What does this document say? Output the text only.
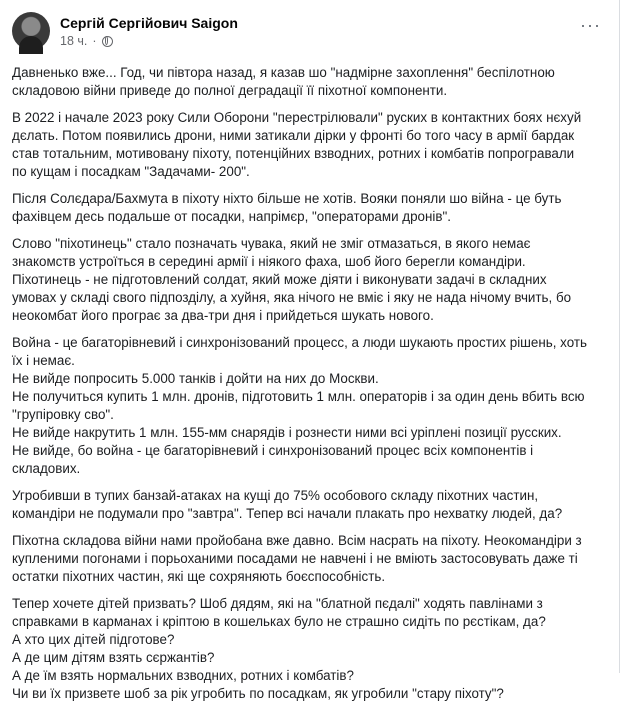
Сергій Сергійович Saigon
18 ч. ·
···
Давненько вже... Год, чи півтора назад, я казав шо "надмірне захоплення" беспілотною
складовою війни приведе до полної деградації її піхотної компоненти.
В 2022 і начале 2023 року Сили Оборони "перестрілювали" руских в контактних боях нєхуй
дєлать. Потом появились дрони, ними затикали дірки у фронті бо того часу в армії бардак
став тотальним, мотивовану піхоту, потенційних взводних, ротних і комбатів попрогравали
по кущам і посадкам "Задачами- 200".
Після Солєдара/Бахмута в піхоту ніхто більше не хотів. Вояки поняли шо війна - це буть
фахівцем десь подальше от посадки, напрімєр, "операторами дронів".
Слово "піхотинець" стало позначать чувака, який не зміг отмазаться, в якого немає
знакомств устроїться в середині армії і ніякого фаха, шоб його берегли командіри.
Піхотинець - не підготовлений солдат, який може діяти і виконувати задачі в складних
умовах у складі свого підпозділу, а хуйня, яка нічого не вміє і яку не нада нічому вчить, бо
неокомбат його програє за два-три дня і прийдеться шукать нового.
Война - це багаторівневий і синхронізований процесс, а люди шукають простих рішень, хоть
їх і немає.
Не вийде попросить 5.000 танків і дойти на них до Москви.
Не получиться купить 1 млн. дронів, підготовить 1 млн. операторів і за один день вбить всю
"групіровку сво".
Не вийде накрутить 1 млн. 155-мм снарядів і рознести ними всі уріплені позиції русских.
Не вийде, бо война - це багаторівневий і синхронізований процес всіх компонентів і
складових.
Угробивши в тупих банзай-атаках на кущі до 75% особового складу піхотних частин,
командіри не подумали про "завтра". Тепер всі начали плакать про нехватку людей, да?
Піхотна складова війни нами пройобана вже давно. Всім насрать на піхоту. Неокомандіри з
купленими погонами і порьоханими посадами не навчені і не вміють застосовувать даже ті
остатки піхотних частин, які ще сохряняють боєспособність.
Тепер хочете дітей призвать? Шоб дядям, які на "блатной пєдалі" ходять павлінами з
справками в карманах і кріптою в кошельках було не страшно сидіть по рєстікам, да?
А хто цих дітей підготове?
А де цим дітям взять сєржантів?
А де їм взять нормальних взводних, ротних і комбатів?
Чи ви їх призвете шоб за рік угробить по посадкам, як угробили "стару піхоту"?
